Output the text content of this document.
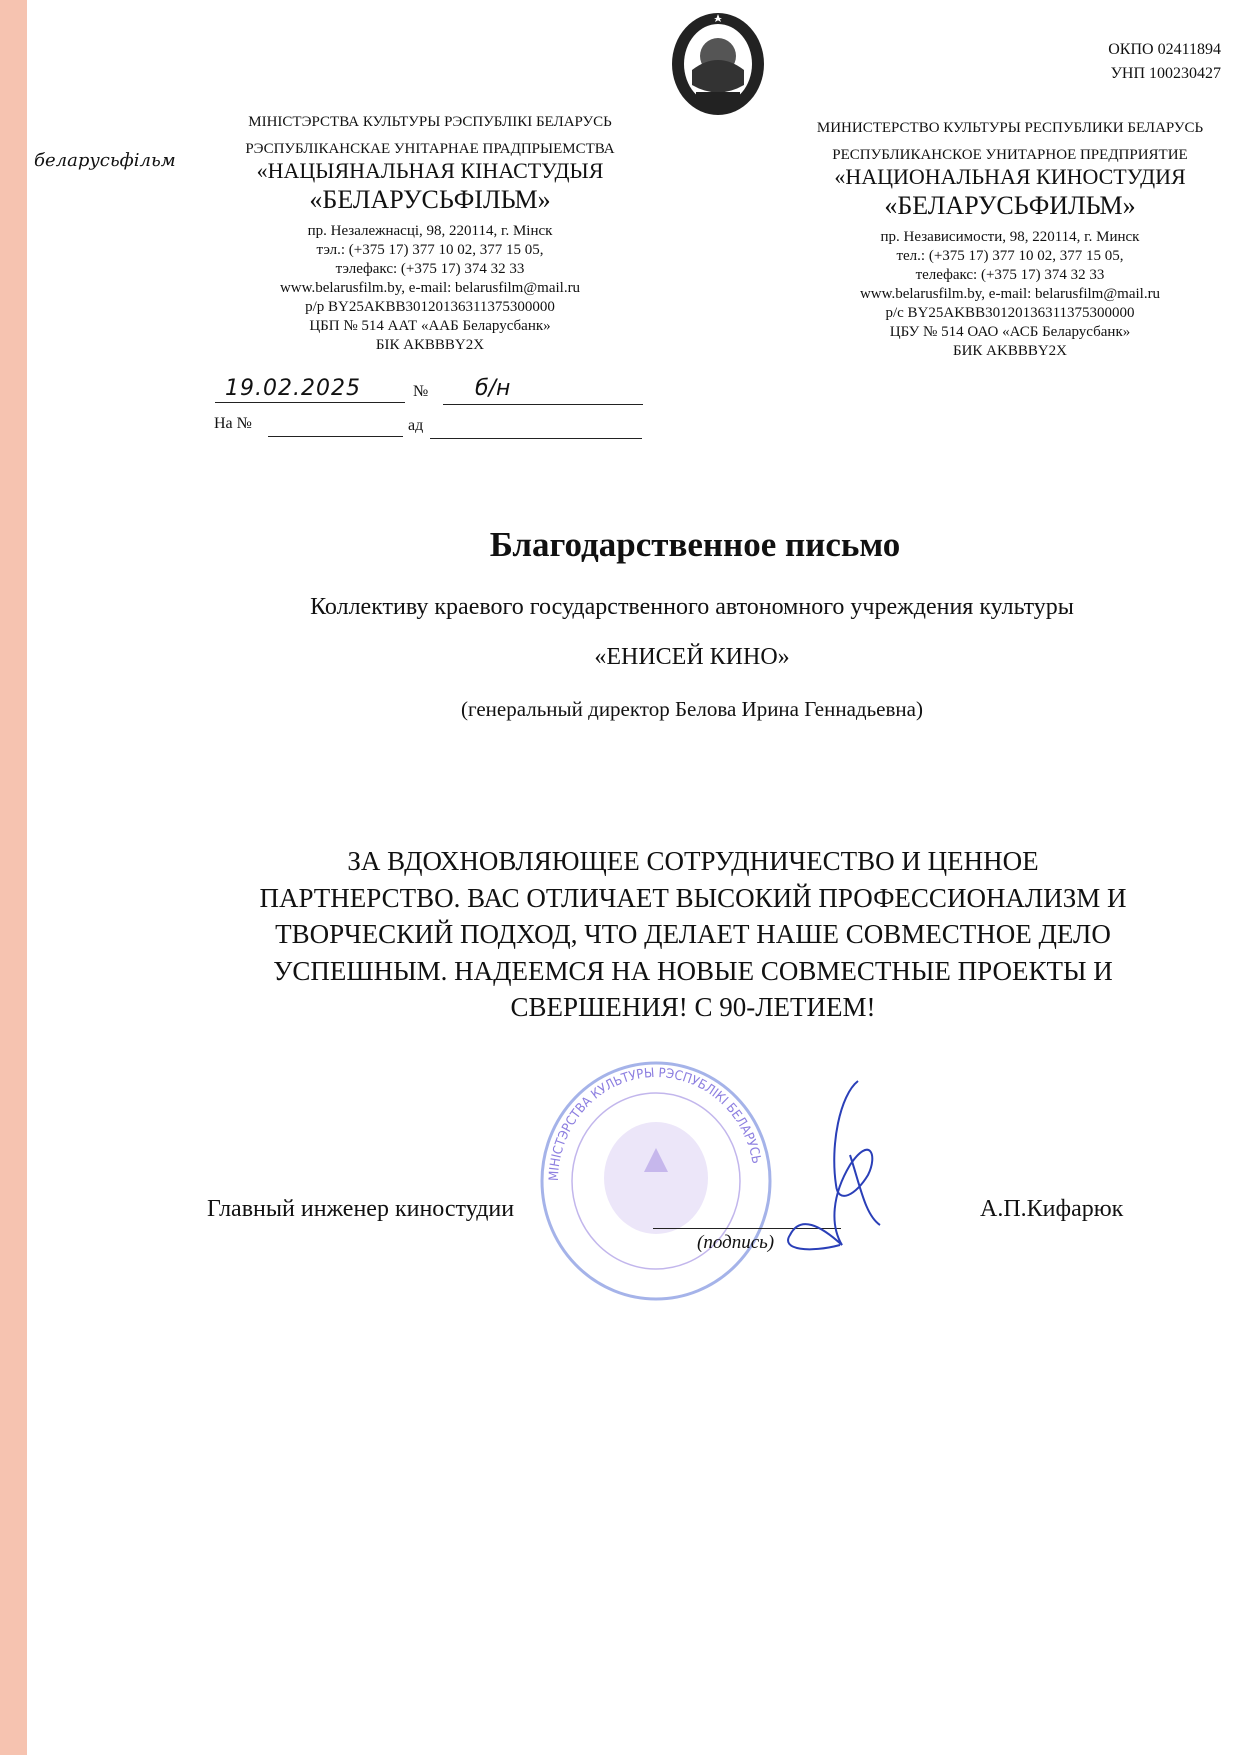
ОКПО 02411894
УНП 100230427
беларусьфільм
МІНІСТЭРСТВА КУЛЬТУРЫ РЭСПУБЛІКІ БЕЛАРУСЬ
РЭСПУБЛІКАНСКАЕ УНІТАРНАЕ ПРАДПРЫЕМСТВА
«НАЦЫЯНАЛЬНАЯ КІНАСТУДЫЯ
«БЕЛАРУСЬФІЛЬМ»
пр. Незалежнасці, 98, 220114, г. Мінск
тэл.: (+375 17) 377 10 02, 377 15 05,
тэлефакс: (+375 17) 374 32 33
www.belarusfilm.by, e-mail: belarusfilm@mail.ru
р/р BY25AKBB30120136311375300000
ЦБП № 514 ААТ «ААБ Беларусбанк»
БІК AKBBBY2X
МИНИСТЕРСТВО КУЛЬТУРЫ РЕСПУБЛИКИ БЕЛАРУСЬ
РЕСПУБЛИКАНСКОЕ УНИТАРНОЕ ПРЕДПРИЯТИЕ
«НАЦИОНАЛЬНАЯ КИНОСТУДИЯ
«БЕЛАРУСЬФИЛЬМ»
пр. Независимости, 98, 220114, г. Минск
тел.: (+375 17) 377 10 02, 377 15 05,
телефакс: (+375 17) 374 32 33
www.belarusfilm.by, e-mail: belarusfilm@mail.ru
р/с BY25AKBB30120136311375300000
ЦБУ № 514 ОАО «АСБ Беларусбанк»
БИК AKBBBY2X
19.02.2025	№ б/н
На №	ад
Благодарственное письмо
Коллективу краевого государственного автономного учреждения культуры
«ЕНИСЕЙ КИНО»
(генеральный директор Белова Ирина Геннадьевна)
ЗА ВДОХНОВЛЯЮЩЕЕ СОТРУДНИЧЕСТВО И ЦЕННОЕ
ПАРТНЕРСТВО. ВАС ОТЛИЧАЕТ ВЫСОКИЙ ПРОФЕССИОНАЛИЗМ И
ТВОРЧЕСКИЙ ПОДХОД, ЧТО ДЕЛАЕТ НАШЕ СОВМЕСТНОЕ ДЕЛО
УСПЕШНЫМ. НАДЕЕМСЯ НА НОВЫЕ СОВМЕСТНЫЕ ПРОЕКТЫ И
СВЕРШЕНИЯ! С 90-ЛЕТИЕМ!
МІНІСТЭРСТВА КУЛЬТУРЫ РЭСПУБЛІКІ БЕЛАРУСЬ
Главный инженер киностудии
(подпись)
А.П.Кифарюк
